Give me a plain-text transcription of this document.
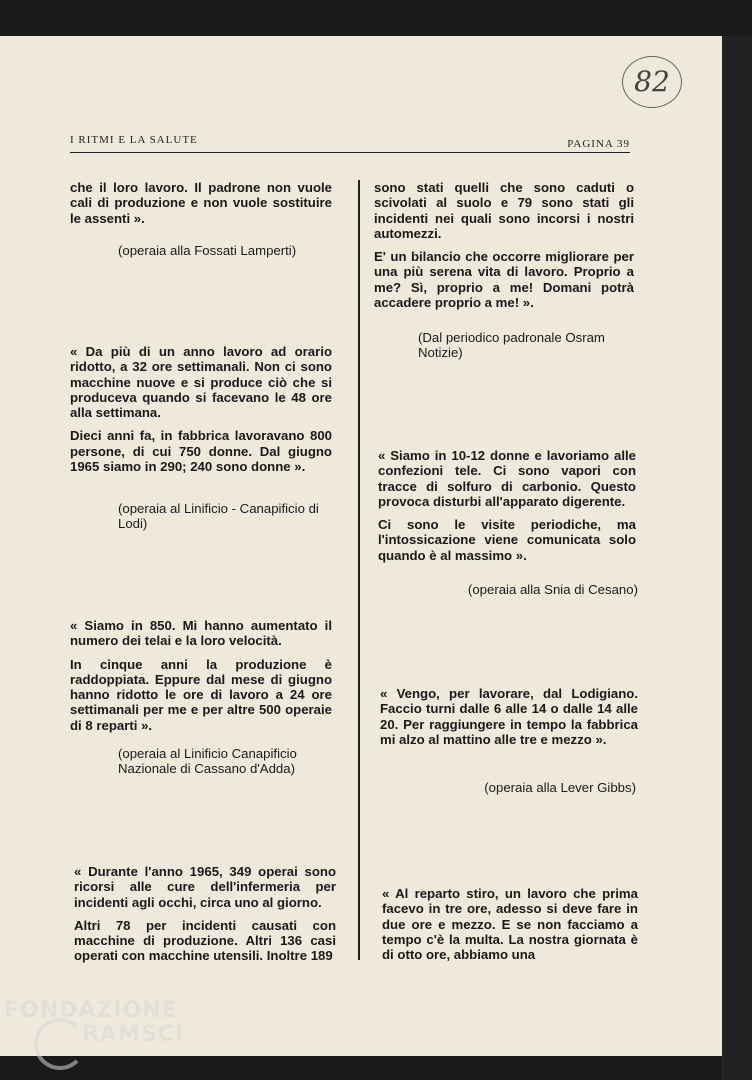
82
I RITMI E LA SALUTE	PAGINA 39

che il loro lavoro. Il padrone non vuole cali di produzione e non vuole sostituire le assenti ».

(operaia alla Fossati Lamperti)

« Da più di un anno lavoro ad orario ridotto, a 32 ore settimanali. Non ci sono macchine nuove e si produce ciò che si produceva quando si facevano le 48 ore alla settimana.

Dieci anni fa, in fabbrica lavoravano 800 persone, di cui 750 donne. Dal giugno 1965 siamo in 290; 240 sono donne ».

(operaia al Linificio - Canapificio di Lodi)

« Siamo in 850. Mi hanno aumentato il numero dei telai e la loro velocità.

In cinque anni la produzione è raddoppiata. Eppure dal mese di giugno hanno ridotto le ore di lavoro a 24 ore settimanali per me e per altre 500 operaie di 8 reparti ».

(operaia al Linificio Canapificio Nazionale di Cassano d'Adda)

« Durante l'anno 1965, 349 operai sono ricorsi alle cure dell'infermeria per incidenti agli occhi, circa uno al giorno.

Altri 78 per incidenti causati con macchine di produzione. Altri 136 casi operati con macchine utensili. Inoltre 189

sono stati quelli che sono caduti o scivolati al suolo e 79 sono stati gli incidenti nei quali sono incorsi i nostri automezzi.

E' un bilancio che occorre migliorare per una più serena vita di lavoro. Proprio a me? Sì, proprio a me! Domani potrà accadere proprio a me! ».

(Dal periodico padronale Osram Notizie)

« Siamo in 10-12 donne e lavoriamo alle confezioni tele. Ci sono vapori con tracce di solfuro di carbonio. Questo provoca disturbi all'apparato digerente.

Ci sono le visite periodiche, ma l'intossicazione viene comunicata solo quando è al massimo ».

(operaia alla Snia di Cesano)

« Vengo, per lavorare, dal Lodigiano. Faccio turni dalle 6 alle 14 o dalle 14 alle 20. Per raggiungere in tempo la fabbrica mi alzo al mattino alle tre e mezzo ».

(operaia alla Lever Gibbs)

« Al reparto stiro, un lavoro che prima facevo in tre ore, adesso si deve fare in due ore e mezzo. E se non facciamo a tempo c'è la multa. La nostra giornata è di otto ore, abbiamo una

FONDAZIONE
RAMSCI
